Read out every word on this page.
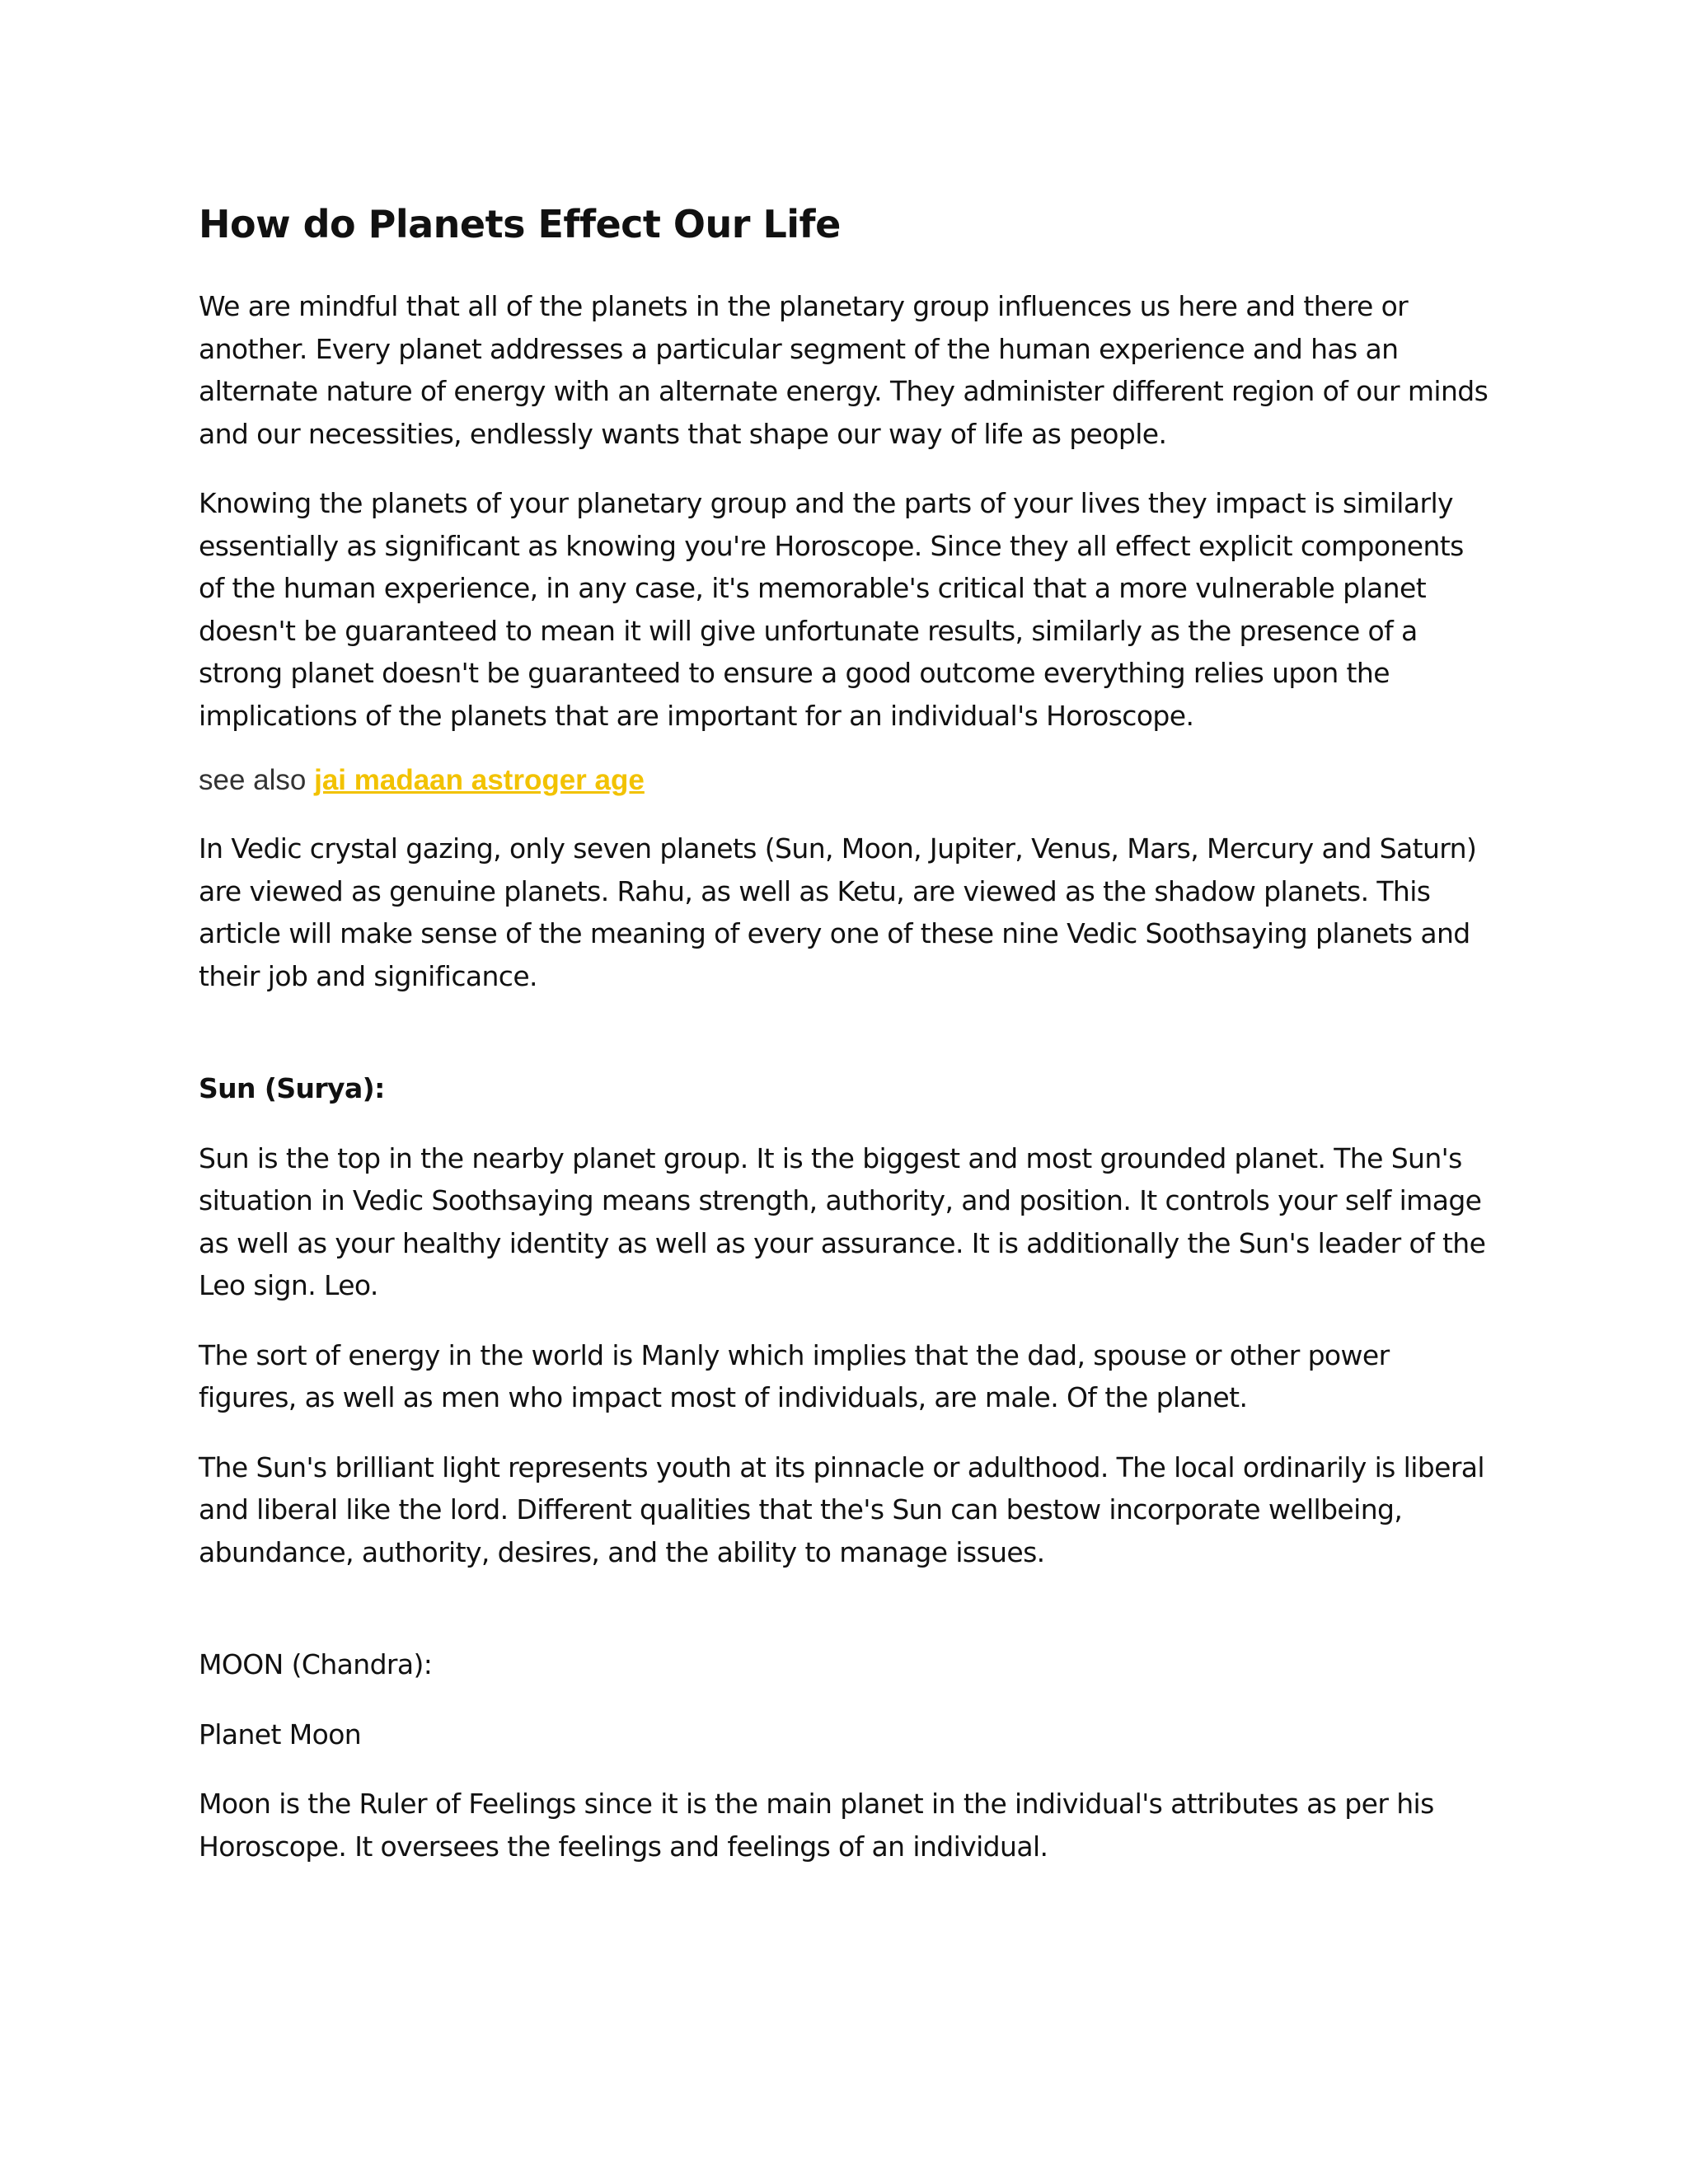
How do Planets Effect Our Life

We are mindful that all of the planets in the planetary group influences us here and there or another. Every planet addresses a particular segment of the human experience and has an alternate nature of energy with an alternate energy. They administer different region of our minds and our necessities, endlessly wants that shape our way of life as people.

Knowing the planets of your planetary group and the parts of your lives they impact is similarly essentially as significant as knowing you're Horoscope. Since they all effect explicit components of the human experience, in any case, it's memorable's critical that a more vulnerable planet doesn't be guaranteed to mean it will give unfortunate results, similarly as the presence of a strong planet doesn't be guaranteed to ensure a good outcome everything relies upon the implications of the planets that are important for an individual's Horoscope.

see also jai madaan astroger age

In Vedic crystal gazing, only seven planets (Sun, Moon, Jupiter, Venus, Mars, Mercury and Saturn) are viewed as genuine planets. Rahu, as well as Ketu, are viewed as the shadow planets. This article will make sense of the meaning of every one of these nine Vedic Soothsaying planets and their job and significance.

Sun (Surya):

Sun is the top in the nearby planet group. It is the biggest and most grounded planet. The Sun's situation in Vedic Soothsaying means strength, authority, and position. It controls your self image as well as your healthy identity as well as your assurance. It is additionally the Sun's leader of the Leo sign. Leo.

The sort of energy in the world is Manly which implies that the dad, spouse or other power figures, as well as men who impact most of individuals, are male. Of the planet.

The Sun's brilliant light represents youth at its pinnacle or adulthood. The local ordinarily is liberal and liberal like the lord. Different qualities that the's Sun can bestow incorporate wellbeing, abundance, authority, desires, and the ability to manage issues.

MOON (Chandra):

Planet Moon

Moon is the Ruler of Feelings since it is the main planet in the individual's attributes as per his Horoscope. It oversees the feelings and feelings of an individual.
